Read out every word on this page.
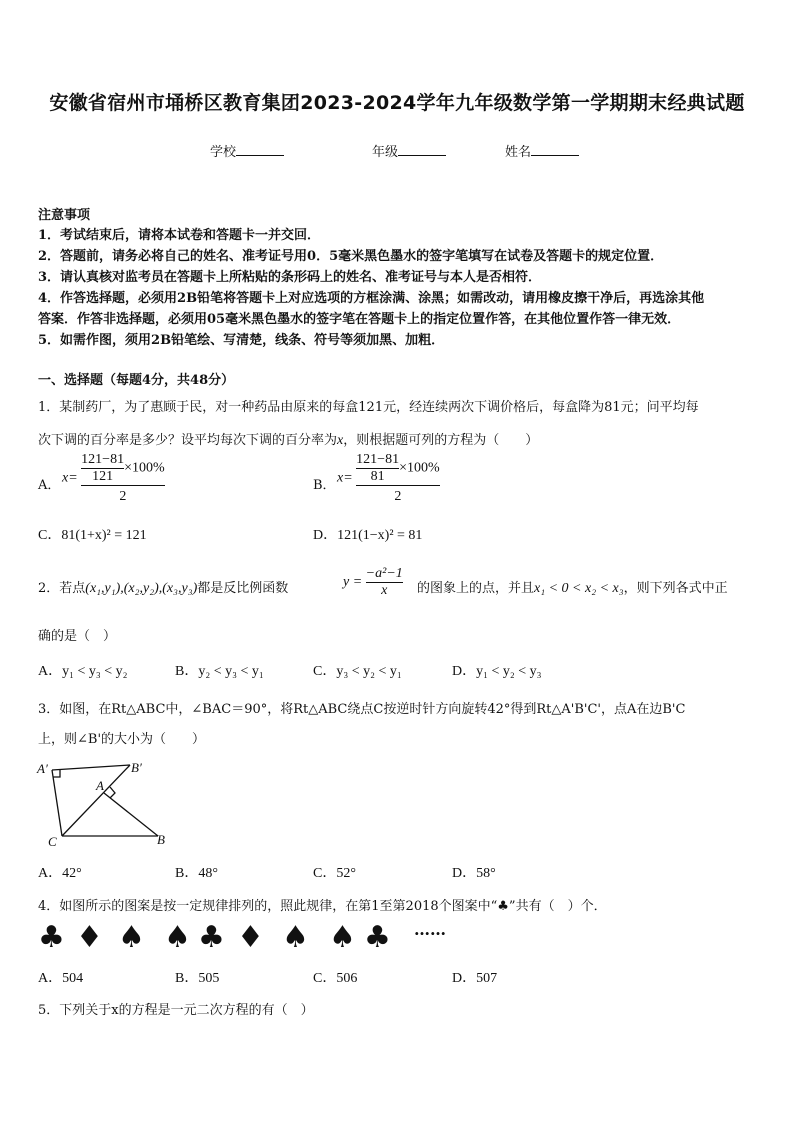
安徽省宿州市埇桥区教育集团2023-2024学年九年级数学第一学期期末经典试题
学校	年级	姓名
注意事项
1．考试结束后，请将本试卷和答题卡一并交回．
2．答题前，请务必将自己的姓名、准考证号用0．5毫米黑色墨水的签字笔填写在试卷及答题卡的规定位置．
3．请认真核对监考员在答题卡上所粘贴的条形码上的姓名、准考证号与本人是否相符．
4．作答选择题，必须用2B铅笔将答题卡上对应选项的方框涂满、涂黑；如需改动，请用橡皮擦干净后，再选涂其他
答案．作答非选择题，必须用05毫米黑色墨水的签字笔在答题卡上的指定位置作答，在其他位置作答一律无效．
5．如需作图，须用2B铅笔绘、写清楚，线条、符号等须加黑、加粗．
一、选择题（每题4分，共48分）
1．某制药厂，为了惠顾于民，对一种药品由原来的每盒121元，经连续两次下调价格后，每盒降为81元；问平均每
次下调的百分率是多少？设平均每次下调的百分率为x，则根据题可列的方程为（　　）
A． $x= \frac{\frac{121-81}{121} \times 100\%}{2}$	B． $x= \frac{\frac{121-81}{81} \times 100\%}{2}$
C．81(1+x)² = 121	D．121(1−x)² = 81
2．若点(x₁,y₁),(x₂,y₂),(x₃,y₃)都是反比例函数	$y = \frac{\text{−a²−1}}{x}$ 的图象上的点，并且x₁ < 0 < x₂ < x₃，则下列各式中正
确的是（　）
A．y₁ < y₃ < y₂	B．y₂ < y₃ < y₁	C．y₃ < y₂ < y₁	D．y₁ < y₂ < y₃
3．如图，在Rt△ABC中，∠BAC＝90°，将Rt△ABC绕点C按逆时针方向旋转42°得到Rt△A'B'C'，点A在边B'C
上，则∠B'的大小为（　　）
A′	B′
A
C	B
A．42°	B．48°	C．52°	D．58°
4．如图所示的图案是按一定规律排列的，照此规律，在第1至第2018个图案中“♣”共有（　）个．
♣ ♦ ♠ ♠ ♣ ♦ ♠ ♠ ♣ ……
A．504	B．505	C．506	D．507
5．下列关于x的方程是一元二次方程的有（　）
